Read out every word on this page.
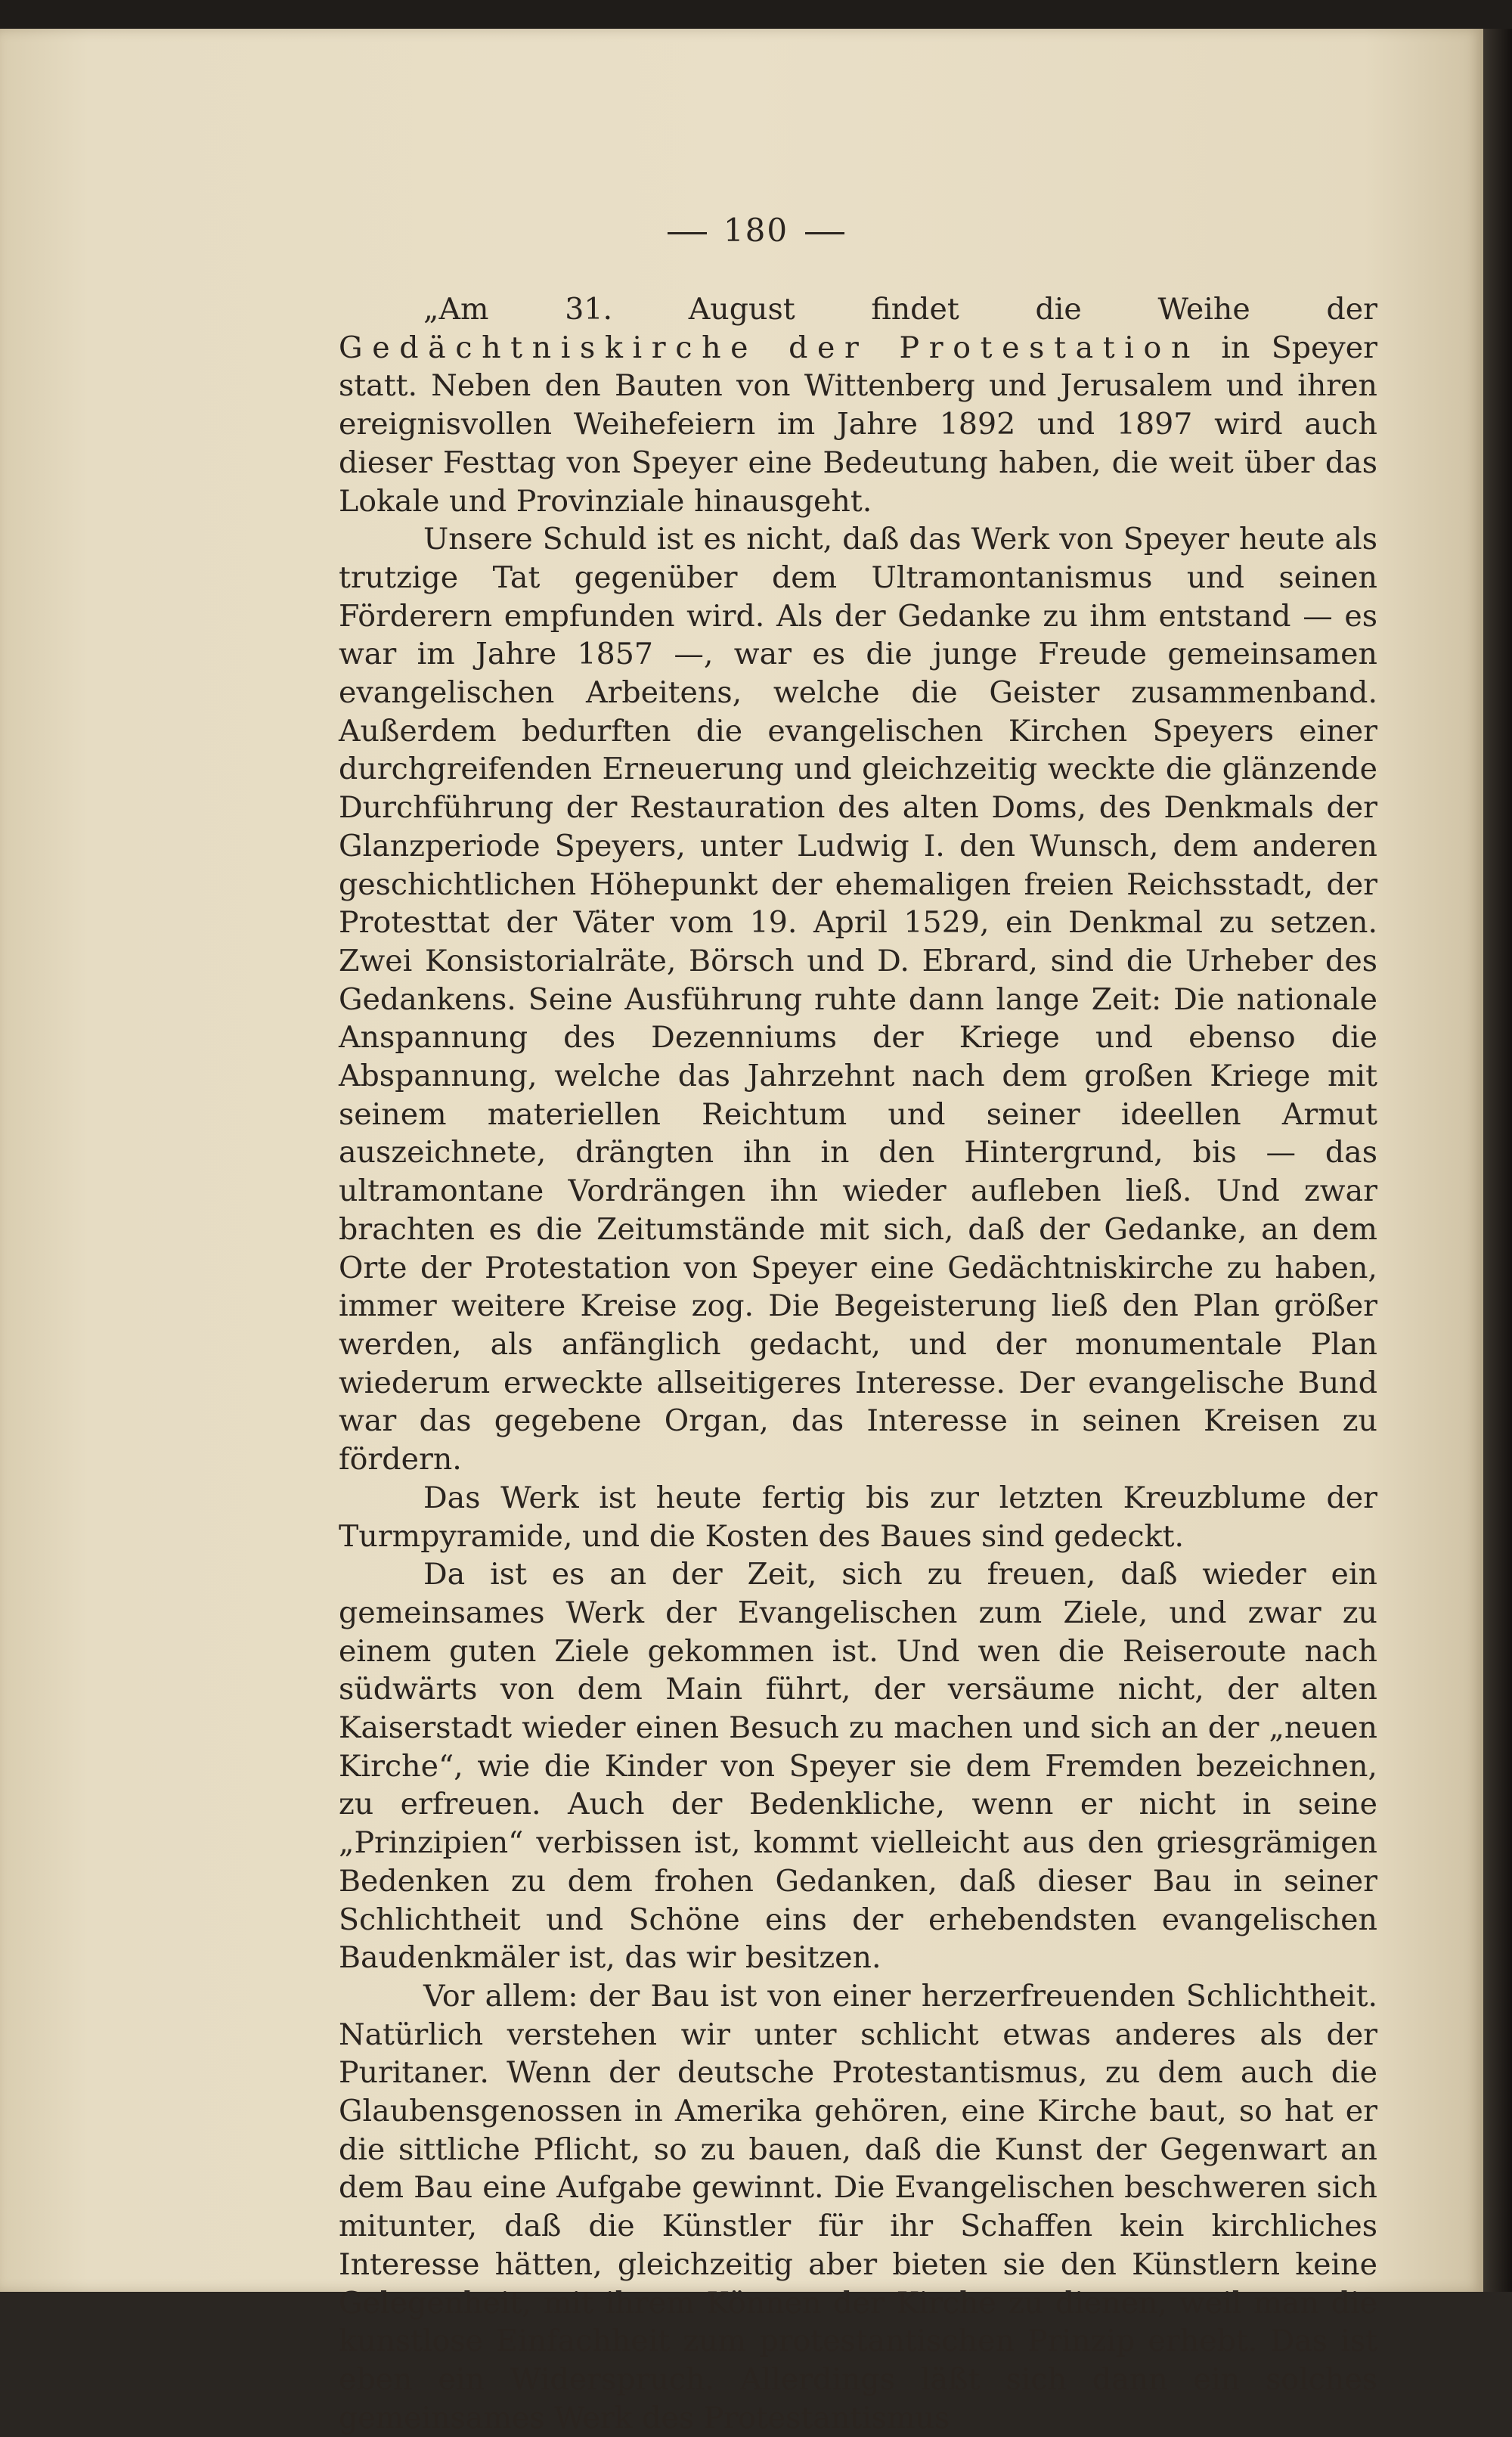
180

„Am 31. August findet die Weihe der Gedächtniskirche der Protestation in Speyer statt. Neben den Bauten von Wittenberg und Jerusalem und ihren ereignisvollen Weihefeiern im Jahre 1892 und 1897 wird auch dieser Festtag von Speyer eine Bedeutung haben, die weit über das Lokale und Provinziale hinausgeht.

Unsere Schuld ist es nicht, daß das Werk von Speyer heute als trutzige Tat gegenüber dem Ultramontanismus und seinen Förderern empfunden wird. Als der Gedanke zu ihm entstand — es war im Jahre 1857 —, war es die junge Freude gemeinsamen evangelischen Arbeitens, welche die Geister zusammenband. Außerdem bedurften die evangelischen Kirchen Speyers einer durchgreifenden Erneuerung und gleichzeitig weckte die glänzende Durchführung der Restauration des alten Doms, des Denkmals der Glanzperiode Speyers, unter Ludwig I. den Wunsch, dem anderen geschichtlichen Höhepunkt der ehemaligen freien Reichsstadt, der Protesttat der Väter vom 19. April 1529, ein Denkmal zu setzen. Zwei Konsistorialräte, Börsch und D. Ebrard, sind die Urheber des Gedankens. Seine Ausführung ruhte dann lange Zeit: Die nationale Anspannung des Dezenniums der Kriege und ebenso die Abspannung, welche das Jahrzehnt nach dem großen Kriege mit seinem materiellen Reichtum und seiner ideellen Armut auszeichnete, drängten ihn in den Hintergrund, bis — das ultramontane Vordrängen ihn wieder aufleben ließ. Und zwar brachten es die Zeitumstände mit sich, daß der Gedanke, an dem Orte der Protestation von Speyer eine Gedächtniskirche zu haben, immer weitere Kreise zog. Die Begeisterung ließ den Plan größer werden, als anfänglich gedacht, und der monumentale Plan wiederum erweckte allseitigeres Interesse. Der evangelische Bund war das gegebene Organ, das Interesse in seinen Kreisen zu fördern.

Das Werk ist heute fertig bis zur letzten Kreuzblume der Turmpyramide, und die Kosten des Baues sind gedeckt.

Da ist es an der Zeit, sich zu freuen, daß wieder ein gemeinsames Werk der Evangelischen zum Ziele, und zwar zu einem guten Ziele gekommen ist. Und wen die Reiseroute nach südwärts von dem Main führt, der versäume nicht, der alten Kaiserstadt wieder einen Besuch zu machen und sich an der „neuen Kirche“, wie die Kinder von Speyer sie dem Fremden bezeichnen, zu erfreuen. Auch der Bedenkliche, wenn er nicht in seine „Prinzipien“ verbissen ist, kommt vielleicht aus den griesgrämigen Bedenken zu dem frohen Gedanken, daß dieser Bau in seiner Schlichtheit und Schöne eins der erhebendsten evangelischen Baudenkmäler ist, das wir besitzen.

Vor allem: der Bau ist von einer herzerfreuenden Schlichtheit. Natürlich verstehen wir unter schlicht etwas anderes als der Puritaner. Wenn der deutsche Protestantismus, zu dem auch die Glaubensgenossen in Amerika gehören, eine Kirche baut, so hat er die sittliche Pflicht, so zu bauen, daß die Kunst der Gegenwart an dem Bau eine Aufgabe gewinnt. Die Evangelischen beschweren sich mitunter, daß die Künstler für ihr Schaffen kein kirchliches Interesse hätten, gleichzeitig aber bieten sie den Künstlern keine Gelegenheit, mit ihrem Können der Kirche zu dienen, weil man die kunstlose Einfachheit zum protestantischen Prinzip erhebt. Das ist eben ein Widerspruch. Allerdings läßt sich dann ein solches gemeinsames Werk des Protestantismus
